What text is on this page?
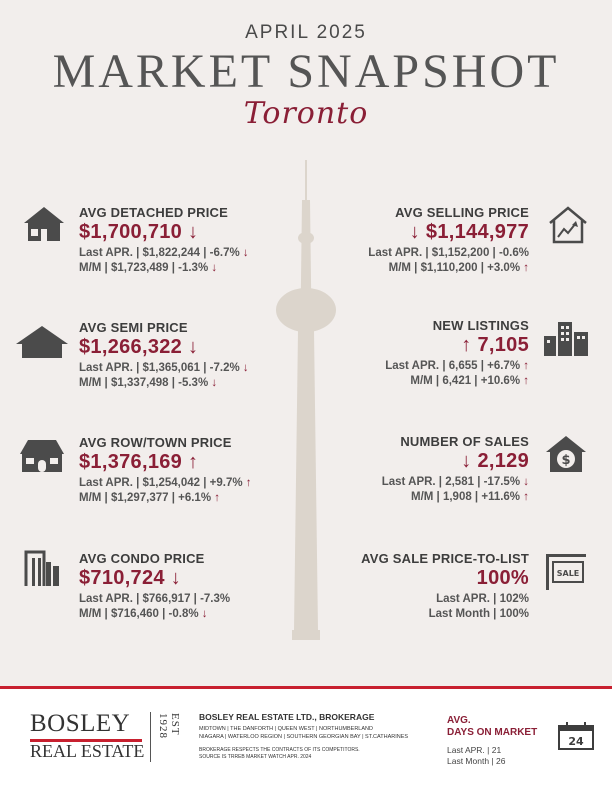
APRIL 2025
MARKET SNAPSHOT
Toronto
AVG DETACHED PRICE
$1,700,710 ↓
Last APR. | $1,822,244 | -6.7% ↓
M/M | $1,723,489 | -1.3% ↓
AVG SEMI PRICE
$1,266,322 ↓
Last APR. | $1,365,061 | -7.2% ↓
M/M | $1,337,498 | -5.3% ↓
AVG ROW/TOWN PRICE
$1,376,169 ↑
Last APR. | $1,254,042 | +9.7% ↑
M/M | $1,297,377 | +6.1% ↑
AVG CONDO PRICE
$710,724 ↓
Last APR. | $766,917 | -7.3%
M/M | $716,460 | -0.8% ↓
AVG SELLING PRICE
↓ $1,144,977
Last APR. | $1,152,200 | -0.6%
M/M | $1,110,200 | +3.0% ↑
NEW LISTINGS
↑ 7,105
Last APR. | 6,655 | +6.7% ↑
M/M | 6,421 | +10.6% ↑
NUMBER OF SALES
↓ 2,129
Last APR. | 2,581 | -17.5% ↓
M/M | 1,908 | +11.6% ↑
$
AVG SALE PRICE-TO-LIST
100%
Last APR. | 102%
Last Month | 100%
SALE
BOSLEY
REAL ESTATE
EST 1928	BOSLEY REAL ESTATE LTD., BROKERAGE
MIDTOWN | THE DANFORTH | QUEEN WEST | NORTHUMBERLAND
NIAGARA | WATERLOO REGION | SOUTHERN GEORGIAN BAY | ST.CATHARINES
BROKERAGE RESPECTS THE CONTRACTS OF ITS COMPETITORS.
SOURCE IS TRREB MARKET WATCH APR. 2024
AVG.
DAYS ON MARKET
Last APR. | 21
Last Month | 26
24
